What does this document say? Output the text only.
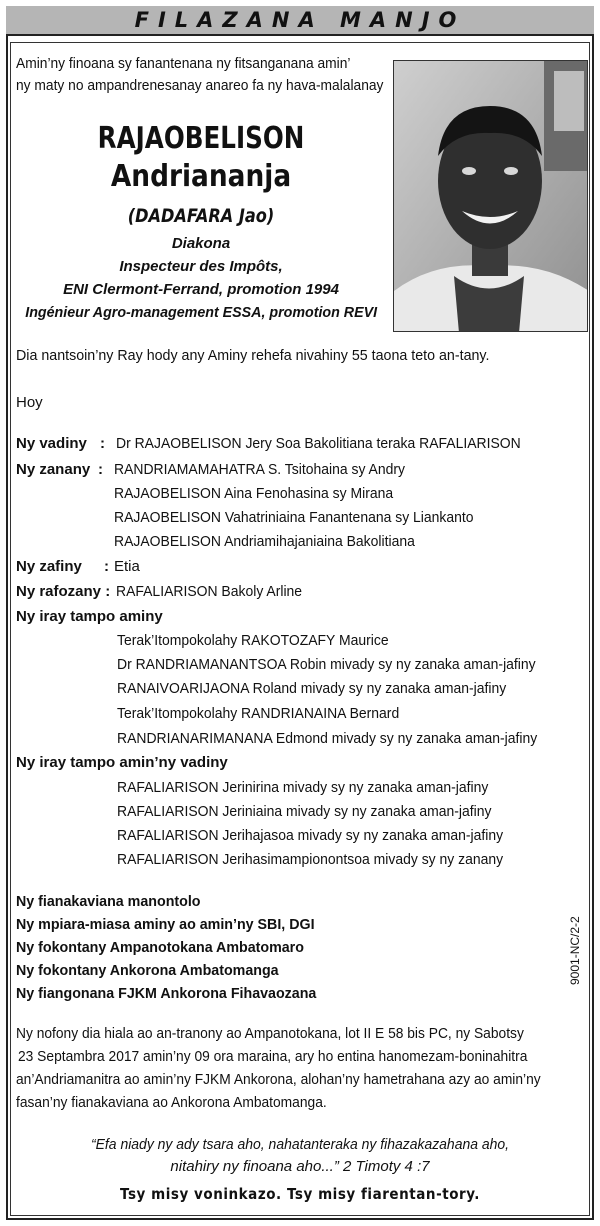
FILAZANA MANJO
Amin’ny finoana sy fanantenana ny fitsanganana amin’
ny maty no ampandrenesanay anareo fa ny hava-malalanay
RAJAOBELISON
Andriananja
(DADAFARA Jao)
Diakona
Inspecteur des Impôts,
ENI Clermont-Ferrand, promotion 1994
Ingénieur Agro-management ESSA, promotion REVI
Dia nantsoin’ny Ray hody any Aminy rehefa nivahiny 55 taona teto an-tany.
Hoy
Ny vadiny : Dr RAJAOBELISON Jery Soa Bakolitiana teraka RAFALIARISON
Ny zanany : RANDRIAMAMAHATRA S. Tsitohaina sy Andry
RAJAOBELISON Aina Fenohasina sy Mirana
RAJAOBELISON Vahatriniaina Fanantenana sy Liankanto
RAJAOBELISON Andriamihajaniaina Bakolitiana
Ny zafiny : Etia
Ny rafozany : RAFALIARISON Bakoly Arline
Ny iray tampo aminy
Terak’Itompokolahy RAKOTOZAFY Maurice
Dr RANDRIAMANANTSOA Robin mivady sy ny zanaka aman-jafiny
RANAIVOARIJAONA Roland mivady sy ny zanaka aman-jafiny
Terak’Itompokolahy RANDRIANAINA Bernard
RANDRIANARIMANANA Edmond mivady sy ny zanaka aman-jafiny
Ny iray tampo amin’ny vadiny
RAFALIARISON Jerinirina mivady sy ny zanaka aman-jafiny
RAFALIARISON Jeriniaina mivady sy ny zanaka aman-jafiny
RAFALIARISON Jerihajasoa mivady sy ny zanaka aman-jafiny
RAFALIARISON Jerihasimampionontsoa mivady sy ny zanany
Ny fianakaviana manontolo
Ny mpiara-miasa aminy ao amin’ny SBI, DGI
Ny fokontany Ampanotokana Ambatomaro
Ny fokontany Ankorona Ambatomanga
Ny fiangonana FJKM Ankorona Fihavaozana
9001-NC/2-2
Ny nofony dia hiala ao an-tranony ao Ampanotokana, lot II E 58 bis PC, ny Sabotsy
23 Septambra 2017 amin’ny 09 ora maraina, ary ho entina hanomezam-boninahitra
an’Andriamanitra ao amin’ny FJKM Ankorona, alohan’ny hametrahana azy ao amin’ny
fasan’ny fianakaviana ao Ankorona Ambatomanga.
“Efa niady ny ady tsara aho, nahatanteraka ny fihazakazahana aho,
nitahiry ny finoana aho...” 2 Timoty 4 :7
Tsy misy voninkazo. Tsy misy fiarentan-tory.
